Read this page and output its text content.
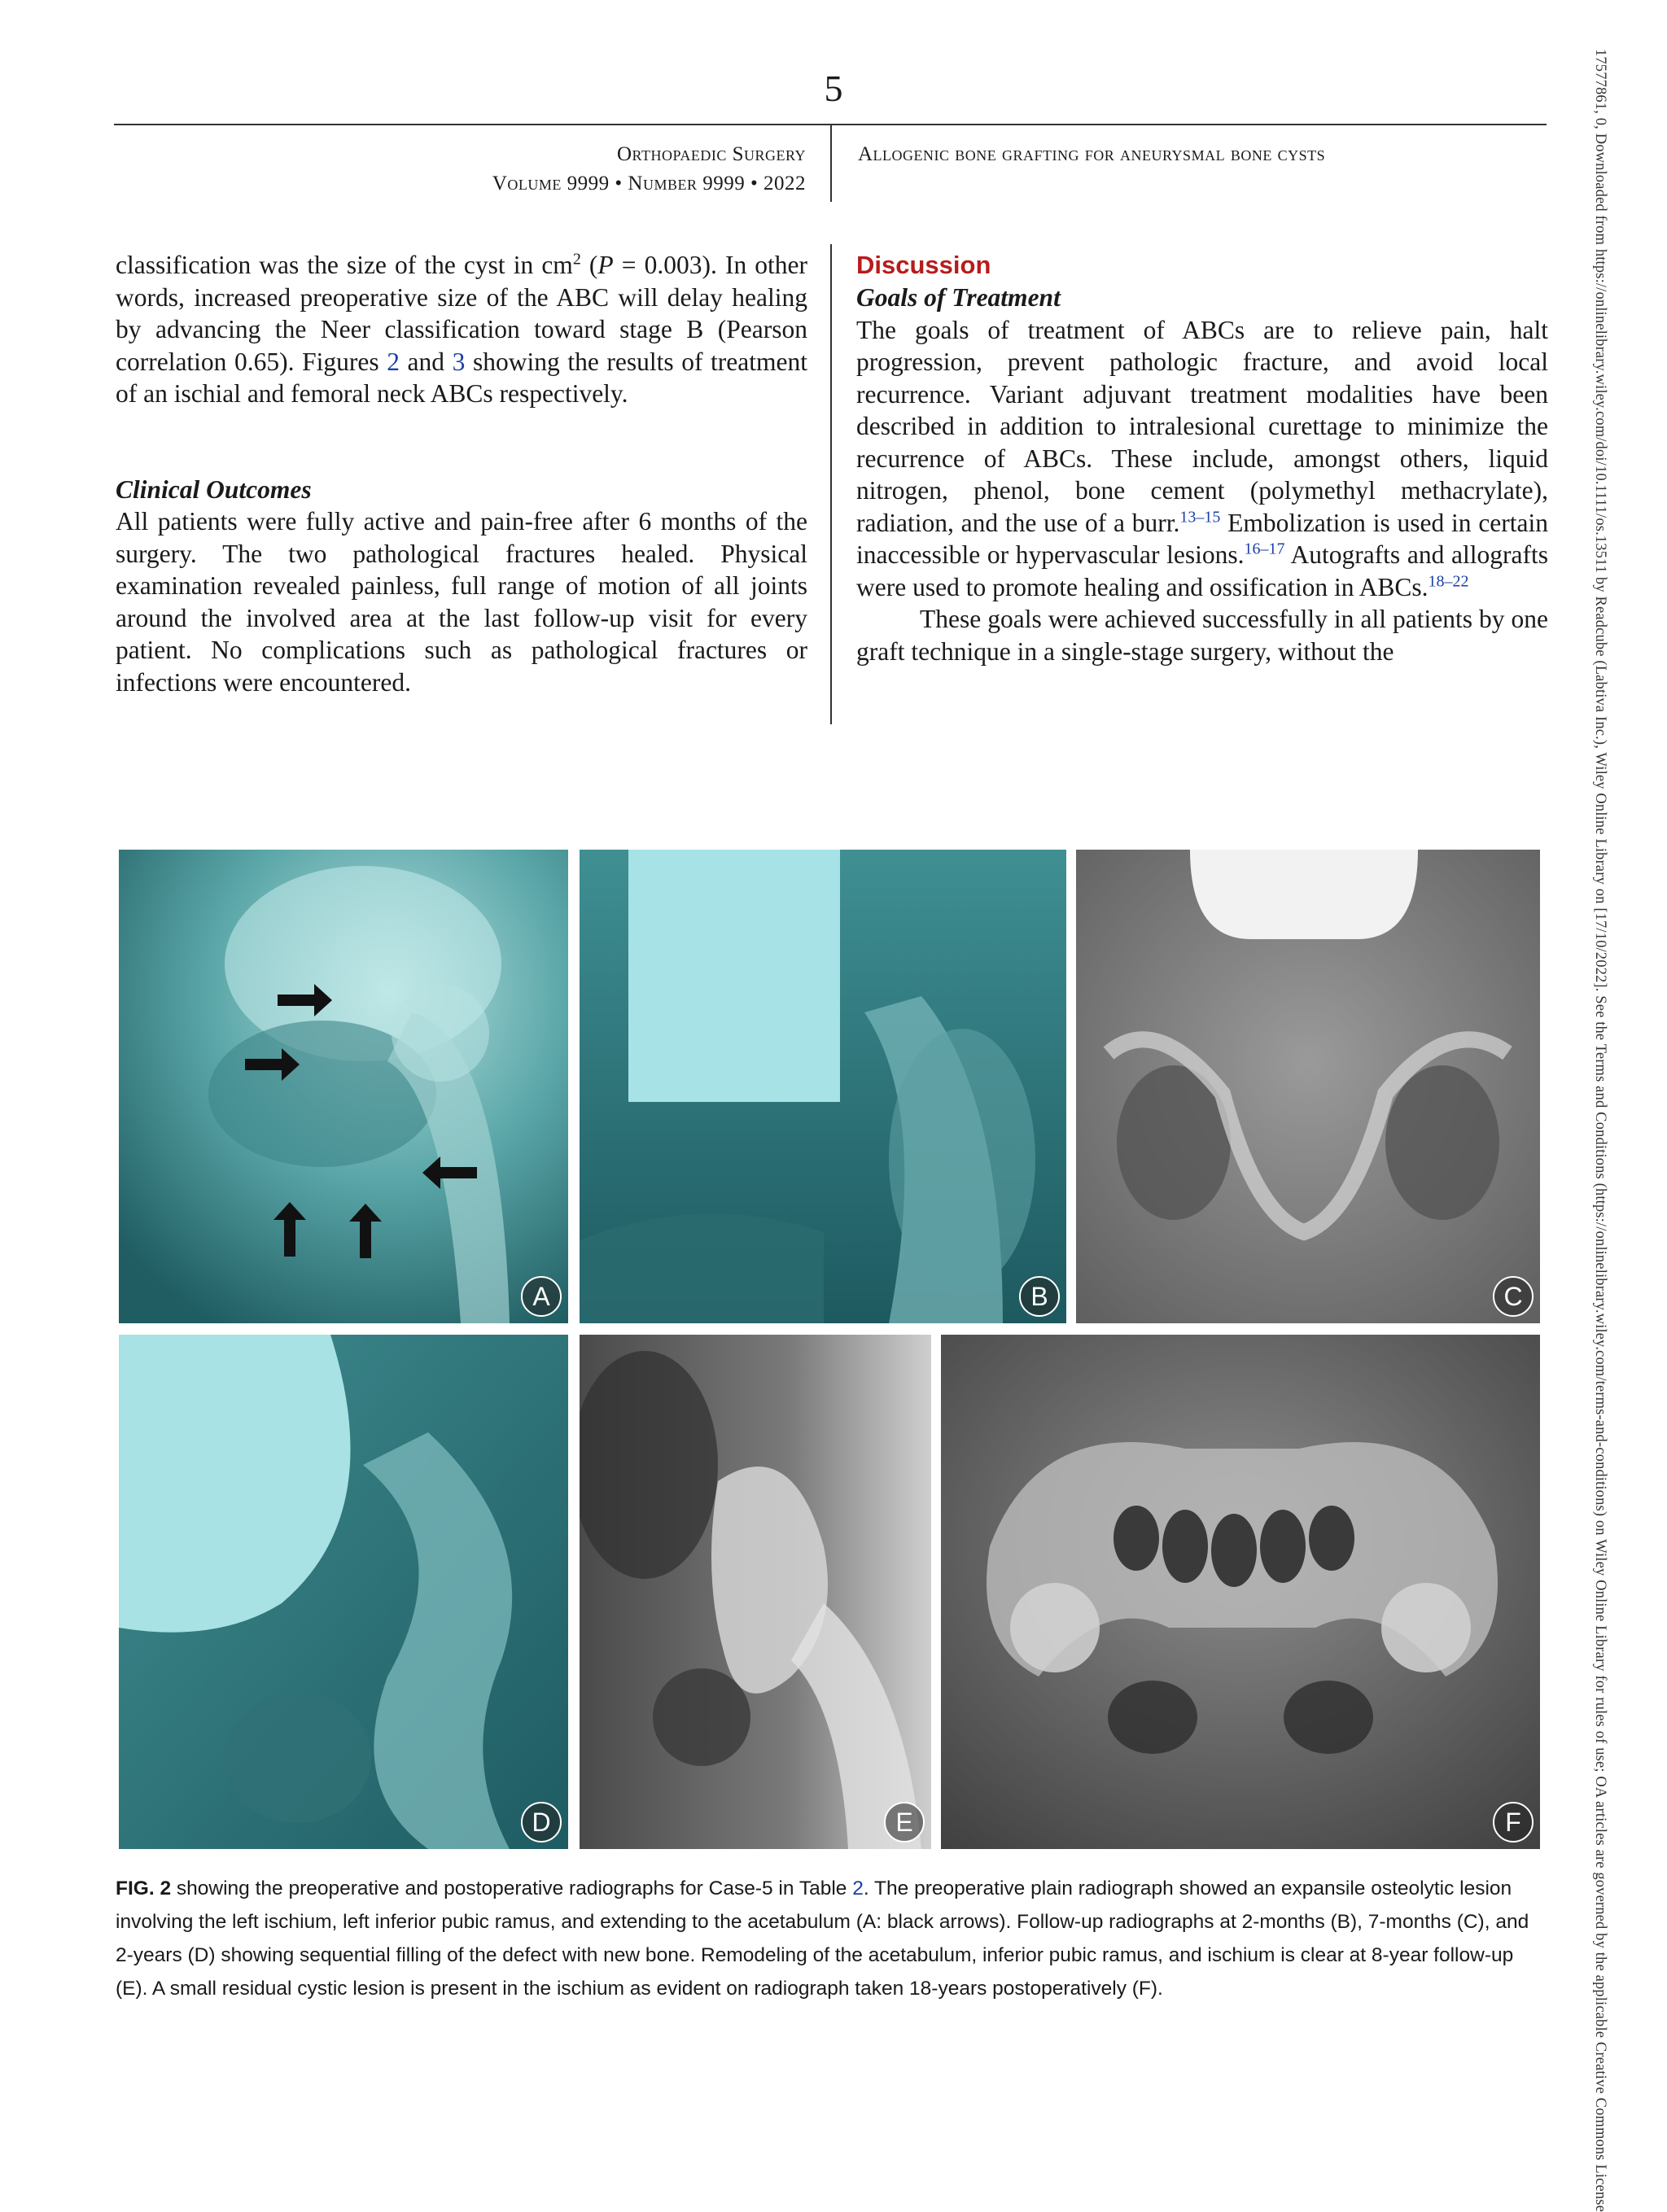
5
Orthopaedic Surgery
Volume 9999 • Number 9999 • 2022
Allogenic bone grafting for aneurysmal bone cysts	17577861, 0, Downloaded from https://onlinelibrary.wiley.com/doi/10.1111/os.13511 by Readcube (Labtiva Inc.), Wiley Online Library on [17/10/2022]. See the Terms and Conditions (https://onlinelibrary.wiley.com/terms-and-conditions) on Wiley Online Library for rules of use; OA articles are governed by the applicable Creative Commons License

classification was the size of the cyst in $cm^2$ (P = 0.003). In other words, increased preoperative size of the ABC will delay healing by advancing the Neer classification toward stage B (Pearson correlation 0.65). Figures 2 and 3 showing the results of treatment of an ischial and femoral neck ABCs respectively.

Clinical Outcomes

All patients were fully active and pain-free after 6 months of the surgery. The two pathological fractures healed. Physical examination revealed painless, full range of motion of all joints around the involved area at the last follow-up visit for every patient. No complications such as pathological fractures or infections were encountered.

Discussion

Goals of Treatment

The goals of treatment of ABCs are to relieve pain, halt progression, prevent pathologic fracture, and avoid local recurrence. Variant adjuvant treatment modalities have been described in addition to intralesional curettage to minimize the recurrence of ABCs. These include, amongst others, liquid nitrogen, phenol, bone cement (polymethyl methacrylate), radiation, and the use of a burr.$^{13-15}$ Embolization is used in certain inaccessible or hypervascular lesions.$^{16-17}$ Autografts and allografts were used to promote healing and ossification in ABCs.$^{18-22}$

These goals were achieved successfully in all patients by one graft technique in a single-stage surgery, without the

A	B	C
D	E	F
FIG. 2 showing the preoperative and postoperative radiographs for Case-5 in Table 2. The preoperative plain radiograph showed an expansile osteolytic lesion involving the left ischium, left inferior pubic ramus, and extending to the acetabulum (A: black arrows). Follow-up radiographs at 2-months (B), 7-months (C), and 2-years (D) showing sequential filling of the defect with new bone. Remodeling of the acetabulum, inferior pubic ramus, and ischium is clear at 8-year follow-up (E). A small residual cystic lesion is present in the ischium as evident on radiograph taken 18-years postoperatively (F).
